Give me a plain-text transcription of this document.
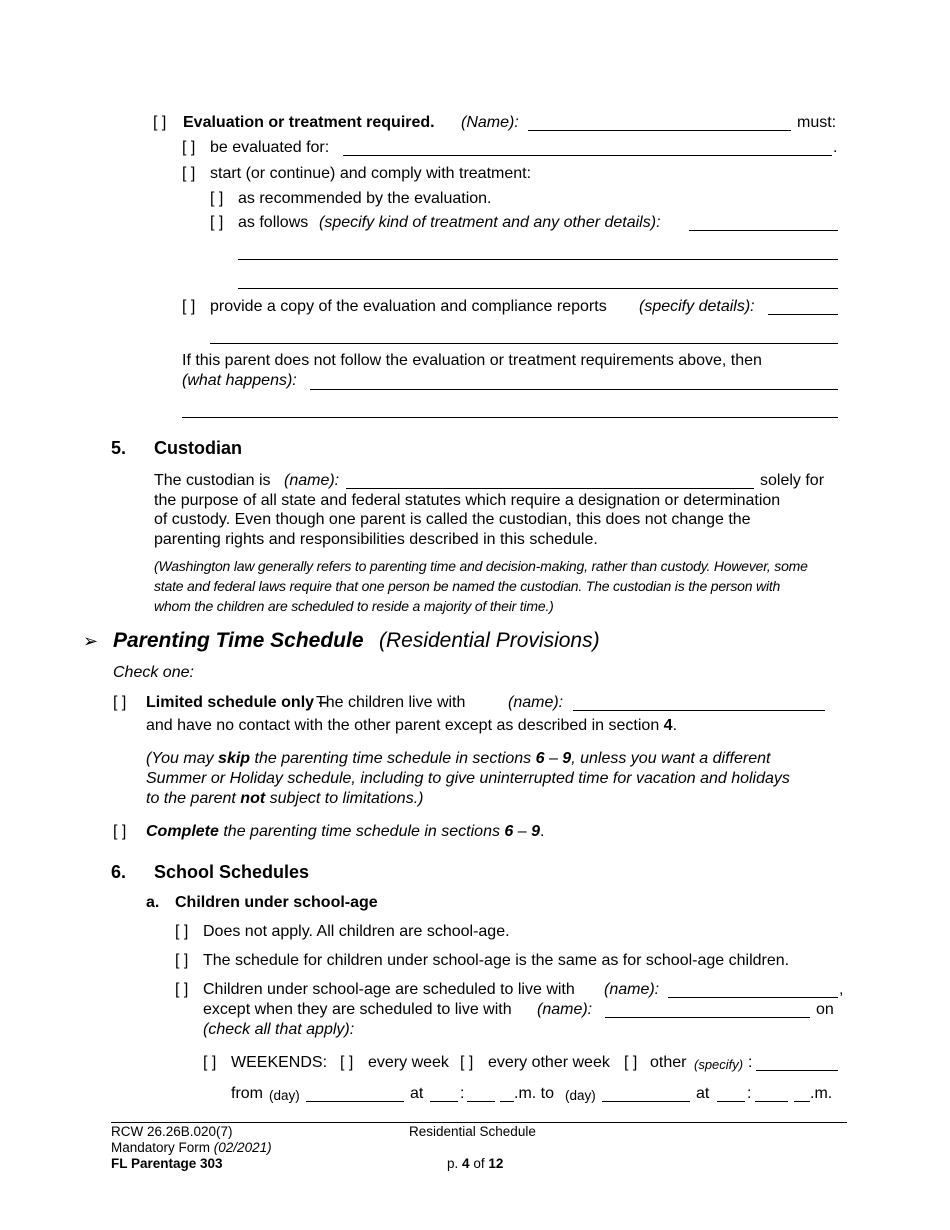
[ ] Evaluation or treatment required. (Name):	must:
[ ] be evaluated for:	.
[ ] start (or continue) and comply with treatment:
[ ] as recommended by the evaluation.
[ ] as follows (specify kind of treatment and any other details):
[ ] provide a copy of the evaluation and compliance reports (specify details):
If this parent does not follow the evaluation or treatment requirements above, then
(what happens):
5. Custodian
The custodian is (name):	solely for
the purpose of all state and federal statutes which require a designation or determination
of custody. Even though one parent is called the custodian, this does not change the
parenting rights and responsibilities described in this schedule.
(Washington law generally refers to parenting time and decision-making, rather than custody. However, some
state and federal laws require that one person be named the custodian. The custodian is the person with
whom the children are scheduled to reside a majority of their time.)
➢ Parenting Time Schedule (Residential Provisions)
Check one:
[ ] Limited schedule only –
The children live with	(name):
and have no contact with the other parent except as described in section 4.
(You may skip the parenting time schedule in sections 6 – 9, unless you want a different
Summer or Holiday schedule, including to give uninterrupted time for vacation and holidays
to the parent not subject to limitations.)
[ ] Complete the parenting time schedule in sections 6 – 9.
6. School Schedules
a. Children under school-age
[ ] Does not apply. All children are school-age.
[ ] The schedule for children under school-age is the same as for school-age children.
[ ] Children under school-age are scheduled to live with (name):	,
except when they are scheduled to live with (name):	on
(check all that apply):
[ ] WEEKENDS: [ ] every week [ ] every other week [ ] other (specify) :
from (day)	at :	.m. to (day)	at :	.m.
RCW 26.26B.020(7)
Mandatory Form (02/2021)
FL Parentage 303
Residential Schedule
p. 4 of 12
